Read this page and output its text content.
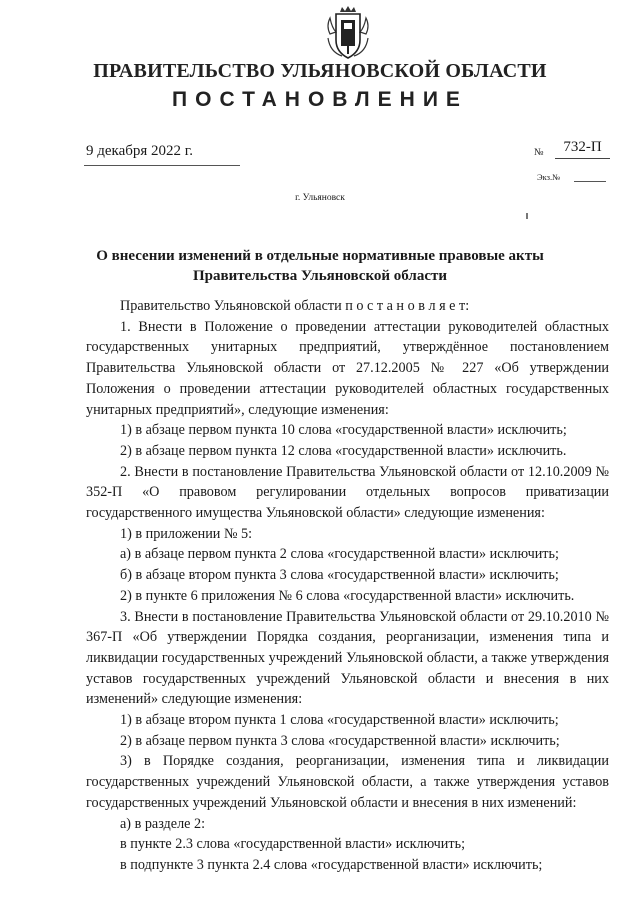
ПРАВИТЕЛЬСТВО УЛЬЯНОВСКОЙ ОБЛАСТИ
ПОСТАНОВЛЕНИЕ
9 декабря 2022 г.	№	732-П
Экз.№
г. Ульяновск
О внесении изменений в отдельные нормативные правовые акты
Правительства Ульяновской области

Правительство Ульяновской области п о с т а н о в л я е т:

1. Внести в Положение о проведении аттестации руководителей областных государственных унитарных предприятий, утверждённое постановлением Правительства Ульяновской области от 27.12.2005 № 227 «Об утверждении Положения о проведении аттестации руководителей областных государственных унитарных предприятий», следующие изменения:

1) в абзаце первом пункта 10 слова «государственной власти» исключить;

2) в абзаце первом пункта 12 слова «государственной власти» исключить.

2. Внести в постановление Правительства Ульяновской области от 12.10.2009 № 352-П «О правовом регулировании отдельных вопросов приватизации государственного имущества Ульяновской области» следующие изменения:

1) в приложении № 5:

а) в абзаце первом пункта 2 слова «государственной власти» исключить;

б) в абзаце втором пункта 3 слова «государственной власти» исключить;

2) в пункте 6 приложения № 6 слова «государственной власти» исключить.

3. Внести в постановление Правительства Ульяновской области от 29.10.2010 № 367-П «Об утверждении Порядка создания, реорганизации, изменения типа и ликвидации государственных учреждений Ульяновской области, а также утверждения уставов государственных учреждений Ульяновской области и внесения в них изменений» следующие изменения:

1) в абзаце втором пункта 1 слова «государственной власти» исключить;

2) в абзаце первом пункта 3 слова «государственной власти» исключить;

3) в Порядке создания, реорганизации, изменения типа и ликвидации государственных учреждений Ульяновской области, а также утверждения уставов государственных учреждений Ульяновской области и внесения в них изменений:

а) в разделе 2:

в пункте 2.3 слова «государственной власти» исключить;

в подпункте 3 пункта 2.4 слова «государственной власти» исключить;
